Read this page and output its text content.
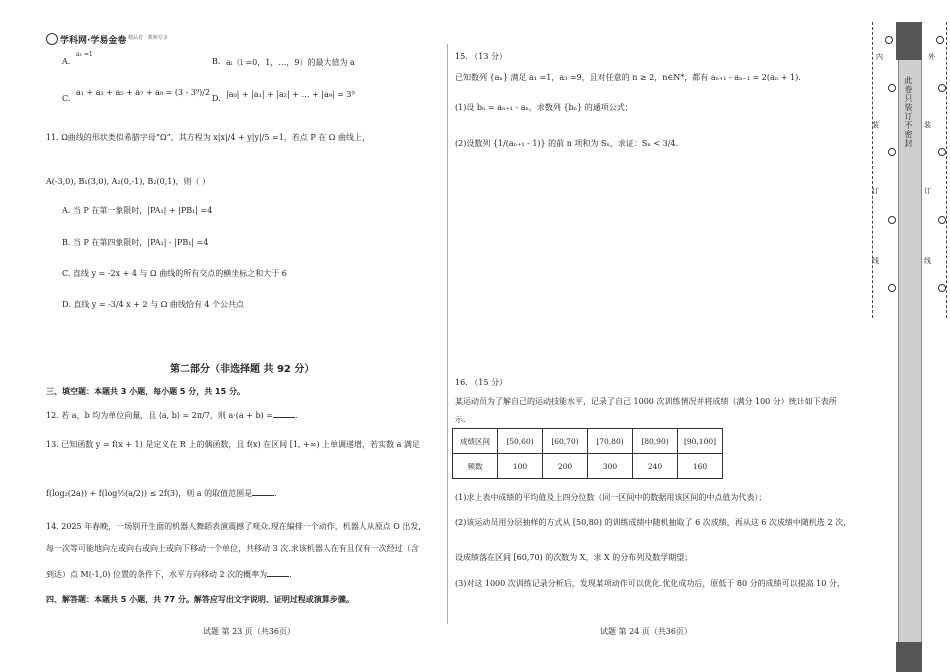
学科网·学易金卷 精品卷 · 教师专享
A.
a₁ =1
B. aᵢ（i =0，1，…，9）的最大值为 a
C.
a₁ + a₃ + a₅ + a₇ + a₉ = (3 - 3⁹)/2
D. |a₀| + |a₁| + |a₂| + … + |a₉| = 3⁹
11. Ω曲线的形状类似希腊字母“Ω”，其方程为 x|x|/4 + y|y|/5 =1，若点 P 在 Ω 曲线上，
A(-3,0), B₁(3,0), A₂(0,-1), B₂(0,1)，则（ ）
A. 当 P 在第一象限时，|PA₁| + |PB₁| =4
B. 当 P 在第四象限时，|PA₁| - |PB₁| =4
C. 直线 y = -2x + 4 与 Ω 曲线的所有交点的横坐标之和大于 6
D. 直线 y = -3/4 x + 2 与 Ω 曲线恰有 4 个公共点
第二部分（非选择题 共 92 分）
三、填空题：本题共 3 小题，每小题 5 分，共 15 分。
12. 若 a，b 均为单位向量，且 ⟨a, b⟩ = 2π/7，则 a·(a + b) =	.
13. 已知函数 y = f(x + 1) 是定义在 R 上的偶函数，且 f(x) 在区间 [1, +∞) 上单调递增，若实数 a 满足
f(log₂(2a)) + f(log½(a/2)) ≤ 2f(3)，则 a 的取值范围是	.
14. 2025 年春晚，一场别开生面的机器人舞蹈表演震撼了观众.现在编排一个动作，机器人从原点 O 出发，
每一次等可能地向左或向右或向上或向下移动一个单位，共移动 3 次.求该机器人在有且仅有一次经过（含
到达）点 M(-1,0) 位置的条件下，水平方向移动 2 次的概率为	.
四、解答题：本题共 5 小题，共 77 分。解答应写出文字说明、证明过程或演算步骤。
试题 第 23 页（共36页）
15. （13 分）
已知数列 {aₙ} 满足 a₁ =1，a₃ =9，且对任意的 n ≥ 2，n∈N*，都有 aₙ₊₁ - aₙ₋₁ = 2(aₙ + 1).
(1)设 bₙ = aₙ₊₁ - aₙ，求数列 {bₙ} 的通项公式；
(2)设数列 {1/(aₙ₊₁ - 1)} 的前 n 项和为 Sₙ，求证：Sₙ < 3/4.
16. （15 分）
某运动员为了解自己的运动技能水平，记录了自己 1000 次训练情况并将成绩（满分 100 分）统计如下表所
示.
成绩区间	[50,60)	[60,70)	[70,80)	[80,90)	[90,100]
频数	100	200	300	240	160
(1)求上表中成绩的平均值及上四分位数（同一区间中的数据用该区间的中点值为代表）；
(2)该运动员用分层抽样的方式从 [50,80) 的训练成绩中随机抽取了 6 次成绩，再从这 6 次成绩中随机选 2 次，
设成绩落在区间 [60,70) 的次数为 X，求 X 的分布列及数学期望；
(3)对这 1000 次训练记录分析后，发现某项动作可以优化.优化成功后，原低于 80 分的成绩可以提高 10 分，
试题 第 24 页（共36页）
内	外
装	装
订	订
线	线
此卷只装订不密封
